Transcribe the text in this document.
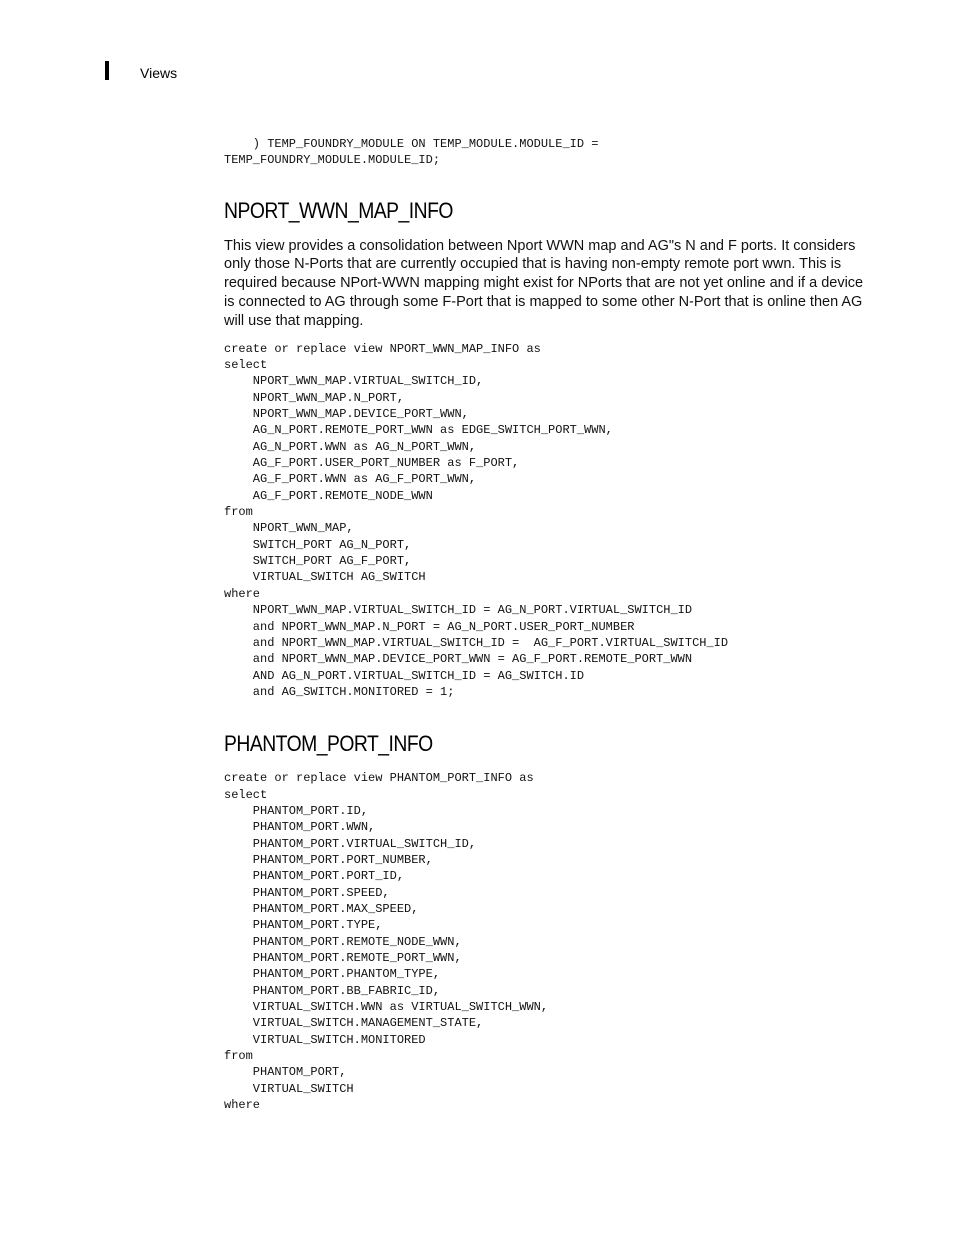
Views
) TEMP_FOUNDRY_MODULE ON TEMP_MODULE.MODULE_ID =
TEMP_FOUNDRY_MODULE.MODULE_ID;
NPORT_WWN_MAP_INFO

This view provides a consolidation between Nport WWN map and AG"s N and F ports. It considers only those N-Ports that are currently occupied that is having non-empty remote port wwn. This is required because NPort-WWN mapping might exist for NPorts that are not yet online and if a device is connected to AG through some F-Port that is mapped to some other N-Port that is online then AG will use that mapping.

create or replace view NPORT_WWN_MAP_INFO as
select
NPORT_WWN_MAP.VIRTUAL_SWITCH_ID,
NPORT_WWN_MAP.N_PORT,
NPORT_WWN_MAP.DEVICE_PORT_WWN,
AG_N_PORT.REMOTE_PORT_WWN as EDGE_SWITCH_PORT_WWN,
AG_N_PORT.WWN as AG_N_PORT_WWN,
AG_F_PORT.USER_PORT_NUMBER as F_PORT,
AG_F_PORT.WWN as AG_F_PORT_WWN,
AG_F_PORT.REMOTE_NODE_WWN
from
NPORT_WWN_MAP,
SWITCH_PORT AG_N_PORT,
SWITCH_PORT AG_F_PORT,
VIRTUAL_SWITCH AG_SWITCH
where
NPORT_WWN_MAP.VIRTUAL_SWITCH_ID = AG_N_PORT.VIRTUAL_SWITCH_ID
and NPORT_WWN_MAP.N_PORT = AG_N_PORT.USER_PORT_NUMBER
and NPORT_WWN_MAP.VIRTUAL_SWITCH_ID =  AG_F_PORT.VIRTUAL_SWITCH_ID
and NPORT_WWN_MAP.DEVICE_PORT_WWN = AG_F_PORT.REMOTE_PORT_WWN
AND AG_N_PORT.VIRTUAL_SWITCH_ID = AG_SWITCH.ID
and AG_SWITCH.MONITORED = 1;
PHANTOM_PORT_INFO
create or replace view PHANTOM_PORT_INFO as
select
PHANTOM_PORT.ID,
PHANTOM_PORT.WWN,
PHANTOM_PORT.VIRTUAL_SWITCH_ID,
PHANTOM_PORT.PORT_NUMBER,
PHANTOM_PORT.PORT_ID,
PHANTOM_PORT.SPEED,
PHANTOM_PORT.MAX_SPEED,
PHANTOM_PORT.TYPE,
PHANTOM_PORT.REMOTE_NODE_WWN,
PHANTOM_PORT.REMOTE_PORT_WWN,
PHANTOM_PORT.PHANTOM_TYPE,
PHANTOM_PORT.BB_FABRIC_ID,
VIRTUAL_SWITCH.WWN as VIRTUAL_SWITCH_WWN,
VIRTUAL_SWITCH.MANAGEMENT_STATE,
VIRTUAL_SWITCH.MONITORED
from
PHANTOM_PORT,
VIRTUAL_SWITCH
where
